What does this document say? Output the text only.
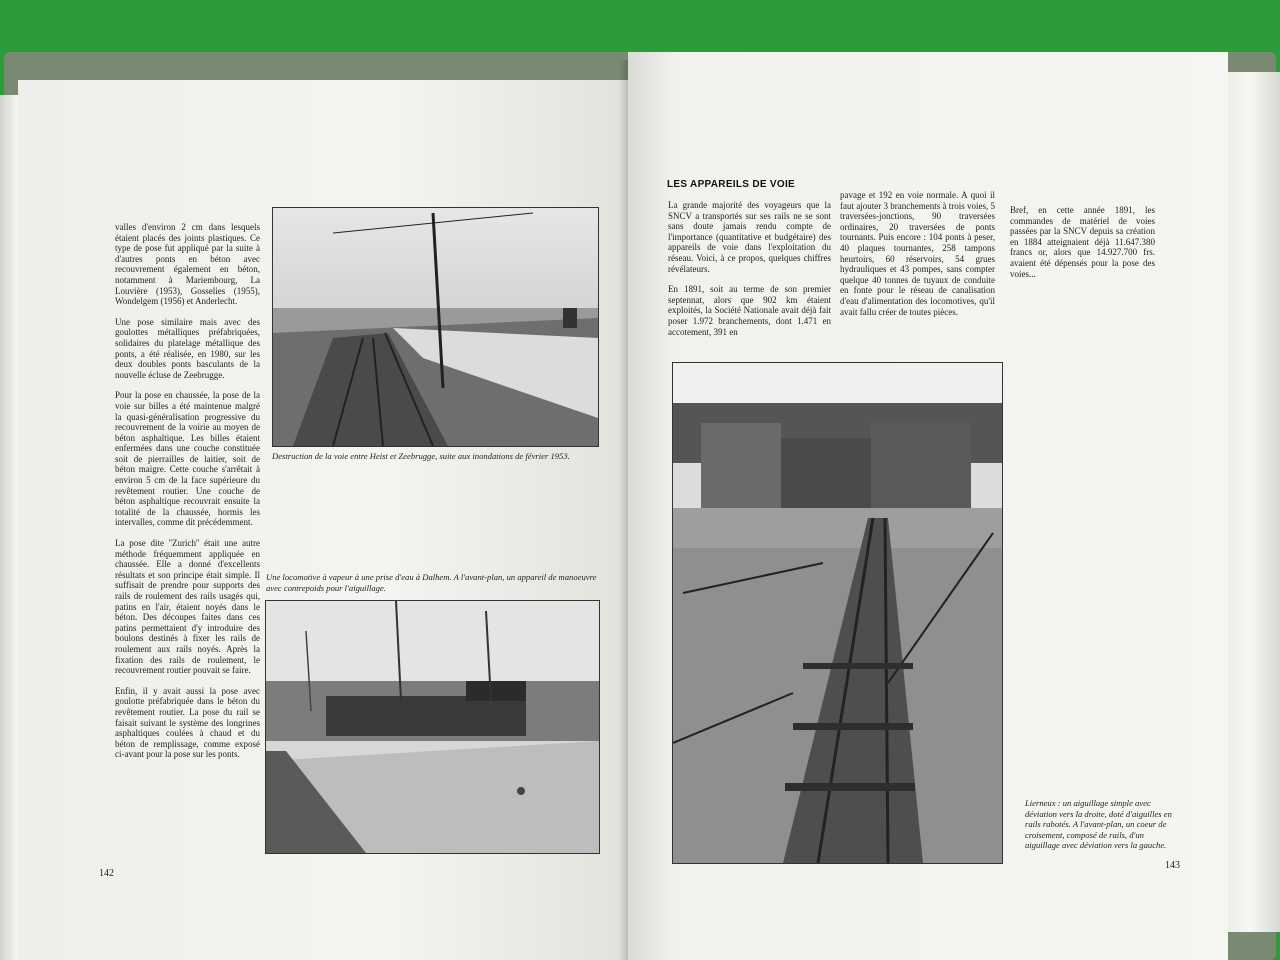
valles d'environ 2 cm dans lesquels étaient placés des joints plastiques. Ce type de pose fut appliqué par la suite à d'autres ponts en béton avec recouvrement également en béton, notamment à Mariembourg, La Louvière (1953), Gosselies (1955), Wondelgem (1956) et Anderlecht.

Une pose similaire mais avec des goulottes métalliques préfabriquées, solidaires du platelage métallique des ponts, a été réalisée, en 1980, sur les deux doubles ponts basculants de la nouvelle écluse de Zeebrugge.

Pour la pose en chaussée, la pose de la voie sur billes a été maintenue malgré la quasi-généralisation progressive du recouvrement de la voirie au moyen de béton asphaltique. Les billes étaient enfermées dans une couche constituée soit de pierrailles de laitier, soit de béton maigre. Cette couche s'arrêtait à environ 5 cm de la face supérieure du revêtement routier. Une couche de béton asphaltique recouvrait ensuite la totalité de la chaussée, hormis les intervalles, comme dit précédemment.

La pose dite ''Zurich'' était une autre méthode fréquemment appliquée en chaussée. Elle a donné d'excellents résultats et son principe était simple. Il suffisait de prendre pour supports des rails de roulement des rails usagés qui, patins en l'air, étaient noyés dans le béton. Des découpes faites dans ces patins permettaient d'y introduire des boulons destinés à fixer les rails de roulement aux rails noyés. Après la fixation des rails de roulement, le recouvrement routier pouvait se faire.

Enfin, il y avait aussi la pose avec goulotte préfabriquée dans le béton du revêtement routier. La pose du rail se faisait suivant le système des longrines asphaltiques coulées à chaud et du béton de remplissage, comme exposé ci-avant pour la pose sur les ponts.

Destruction de la voie entre Heist et Zeebrugge, suite aux inondations de février 1953.
Une locomotive à vapeur à une prise d'eau à Dalhem. A l'avant-plan, un appareil de manoeuvre avec contrepoids pour l'aiguillage.
142
LES APPAREILS DE VOIE

La grande majorité des voyageurs que la SNCV a transportés sur ses rails ne se sont sans doute jamais rendu compte de l'importance (quantitative et budgétaire) des appareils de voie dans l'exploitation du réseau. Voici, à ce propos, quelques chiffres révélateurs.

En 1891, soit au terme de son premier septennat, alors que 902 km étaient exploités, la Société Nationale avait déjà fait poser 1.972 branchements, dont 1.471 en accotement, 391 en

pavage et 192 en voie normale. A quoi il faut ajouter 3 branchements à trois voies, 5 traversées-jonctions, 90 traversées ordinaires, 20 traversées de ponts tournants. Puis encore : 104 ponts à peser, 40 plaques tournantes, 258 tampons heurtoirs, 60 réservoirs, 54 grues hydrauliques et 43 pompes, sans compter quelque 40 tonnes de tuyaux de conduite en fonte pour le réseau de canalisation d'eau d'alimentation des locomotives, qu'il avait fallu créer de toutes pièces.

Bref, en cette année 1891, les commandes de matériel de voies passées par la SNCV depuis sa création en 1884 atteignaient déjà 11.647.380 francs or, alors que 14.927.700 frs. avaient été dépensés pour la pose des voies...

Lierneux : un aiguillage simple avec déviation vers la droite, doté d'aiguilles en rails rabotés. A l'avant-plan, un coeur de croisement, composé de rails, d'un aiguillage avec déviation vers la gauche.
143
